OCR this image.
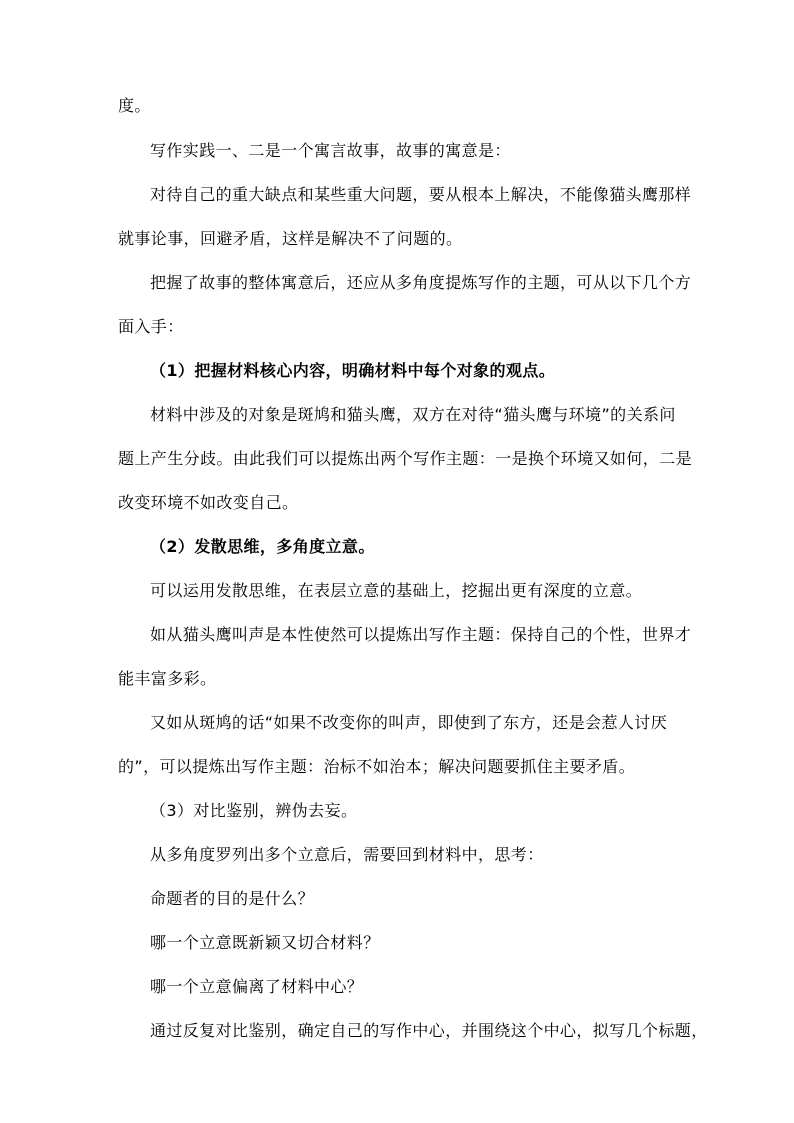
度。
写作实践一、二是一个寓言故事，故事的寓意是：
对待自己的重大缺点和某些重大问题，要从根本上解决，不能像猫头鹰那样
就事论事，回避矛盾，这样是解决不了问题的。
把握了故事的整体寓意后，还应从多角度提炼写作的主题，可从以下几个方
面入手：
（1）把握材料核心内容，明确材料中每个对象的观点。
材料中涉及的对象是斑鸠和猫头鹰，双方在对待“猫头鹰与环境”的关系问
题上产生分歧。由此我们可以提炼出两个写作主题：一是换个环境又如何，二是
改变环境不如改变自己。
（2）发散思维，多角度立意。
可以运用发散思维，在表层立意的基础上，挖掘出更有深度的立意。
如从猫头鹰叫声是本性使然可以提炼出写作主题：保持自己的个性，世界才
能丰富多彩。
又如从斑鸠的话“如果不改变你的叫声，即使到了东方，还是会惹人讨厌
的”，可以提炼出写作主题：治标不如治本；解决问题要抓住主要矛盾。
（3）对比鉴别，辨伪去妄。
从多角度罗列出多个立意后，需要回到材料中，思考：
命题者的目的是什么？
哪一个立意既新颖又切合材料？
哪一个立意偏离了材料中心？
通过反复对比鉴别，确定自己的写作中心，并围绕这个中心，拟写几个标题，
